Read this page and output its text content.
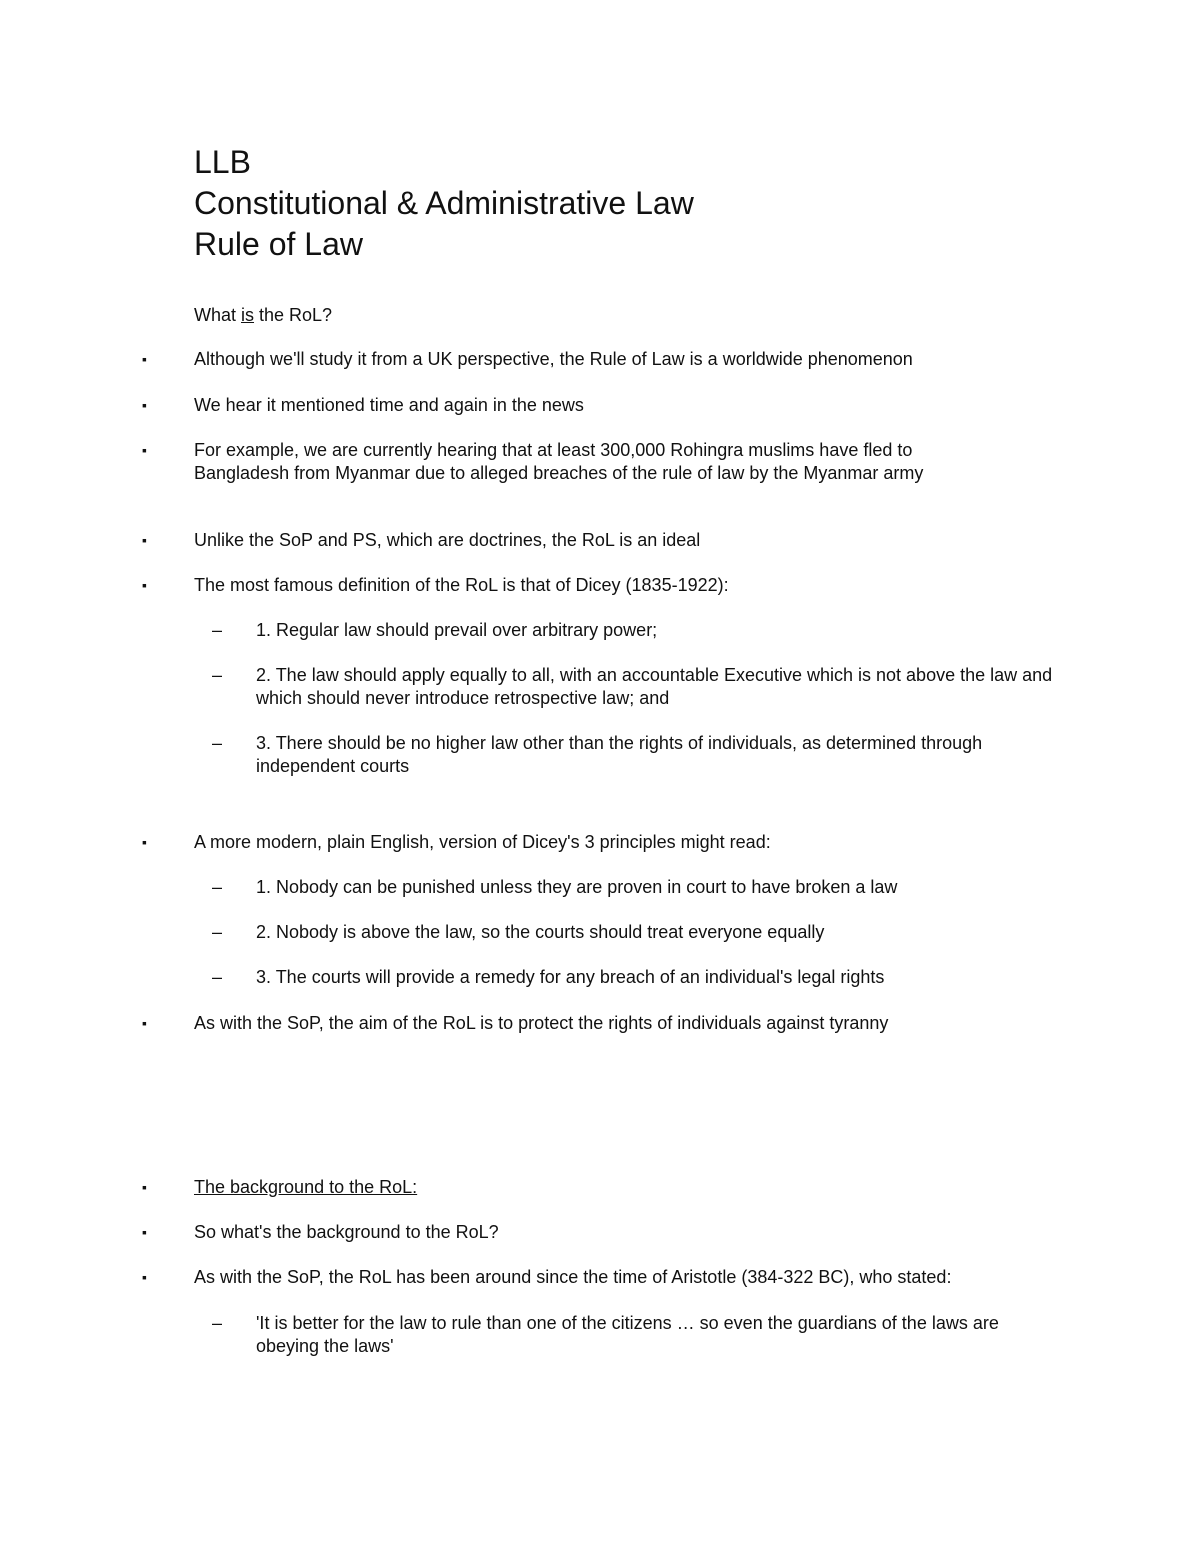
LLB
Constitutional & Administrative Law
Rule of Law
What is the RoL?
▪	Although we'll study it from a UK perspective, the Rule of Law is a worldwide phenomenon
▪	We hear it mentioned time and again in the news
▪	For example, we are currently hearing that at least 300,000 Rohingra muslims have fled to Bangladesh from Myanmar due to alleged breaches of the rule of law by the Myanmar army
▪	Unlike the SoP and PS, which are doctrines, the RoL is an ideal
▪	The most famous definition of the RoL is that of Dicey (1835-1922):
– 1. Regular law should prevail over arbitrary power;
– 2. The law should apply equally to all, with an accountable Executive which is not above the law and which should never introduce retrospective law; and
– 3. There should be no higher law other than the rights of individuals, as determined through independent courts
▪	A more modern, plain English, version of Dicey's 3 principles might read:
– 1. Nobody can be punished unless they are proven in court to have broken a law
– 2. Nobody is above the law, so the courts should treat everyone equally
– 3. The courts will provide a remedy for any breach of an individual's legal rights
▪	As with the SoP, the aim of the RoL is to protect the rights of individuals against tyranny
▪	The background to the RoL:
▪	So what's the background to the RoL?
▪	As with the SoP, the RoL has been around since the time of Aristotle (384-322 BC), who stated:
– 'It is better for the law to rule than one of the citizens … so even the guardians of the laws are obeying the laws'
